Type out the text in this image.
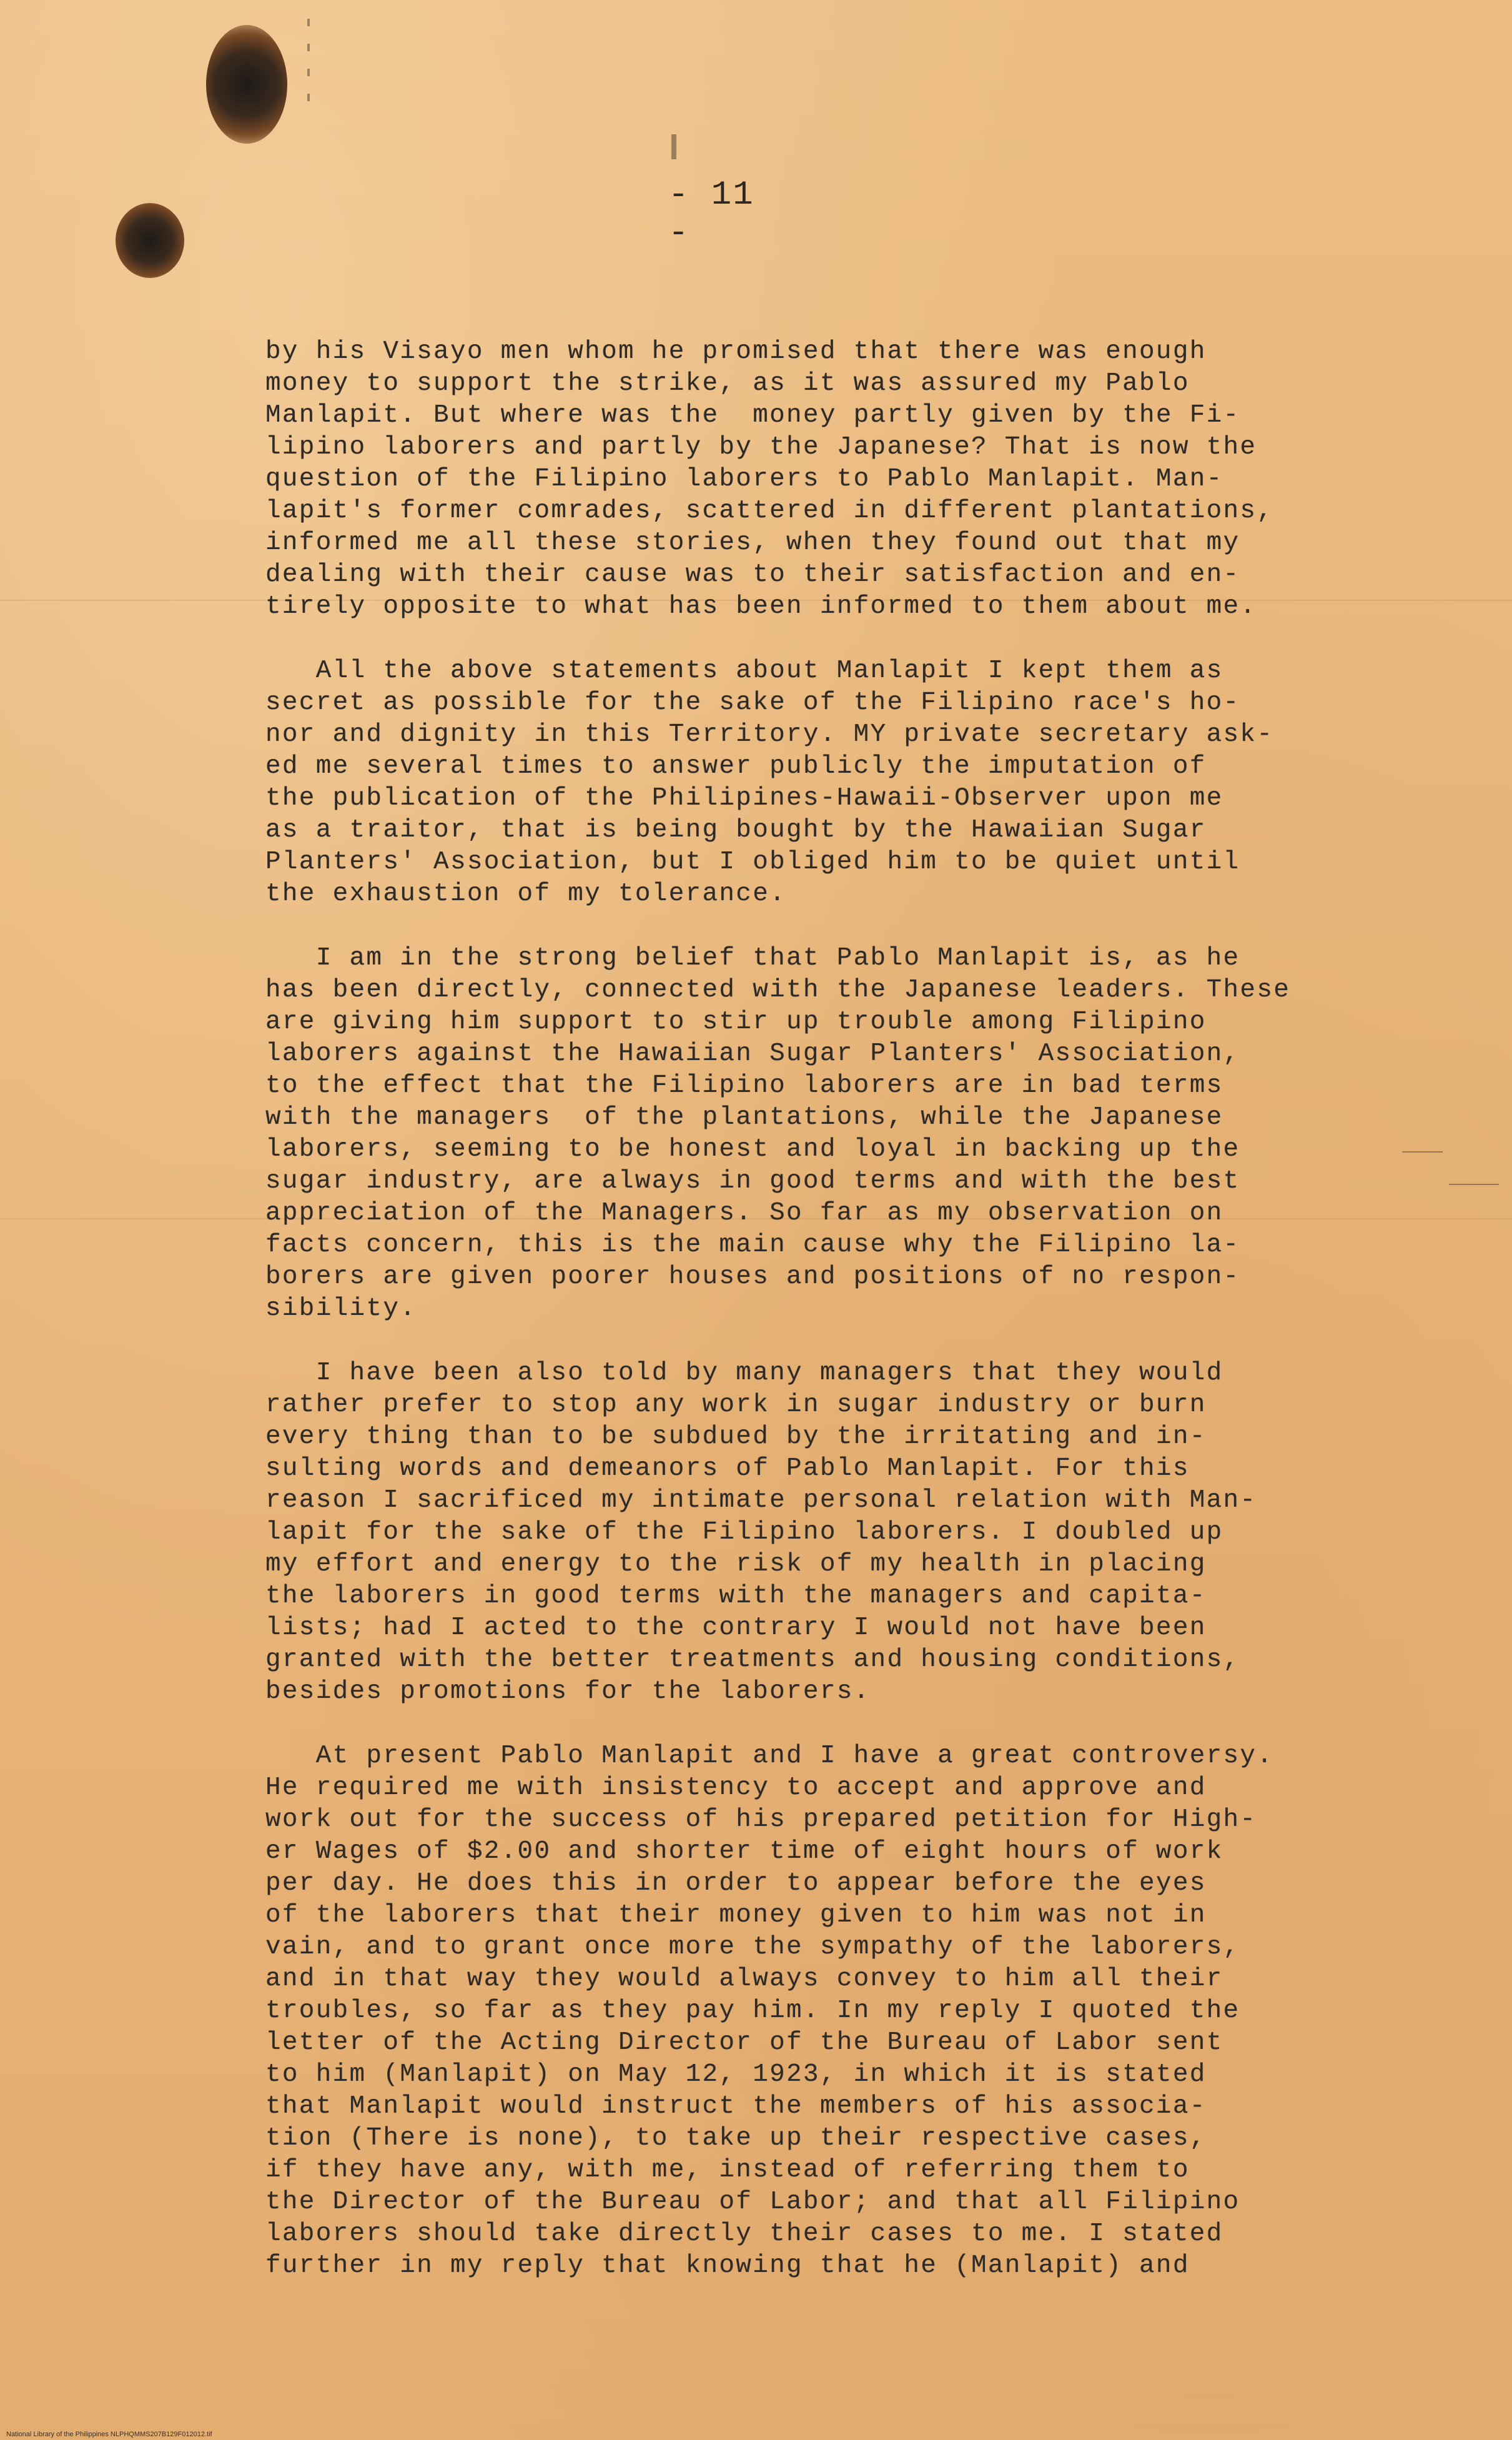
- 11 -
by his Visayo men whom he promised that there was enough
money to support the strike, as it was assured my Pablo
Manlapit. But where was the  money partly given by the Fi-
lipino laborers and partly by the Japanese? That is now the
question of the Filipino laborers to Pablo Manlapit. Man-
lapit's former comrades, scattered in different plantations,
informed me all these stories, when they found out that my
dealing with their cause was to their satisfaction and en-
tirely opposite to what has been informed to them about me.
All the above statements about Manlapit I kept them as
secret as possible for the sake of the Filipino race's ho-
nor and dignity in this Territory. MY private secretary ask-
ed me several times to answer publicly the imputation of
the publication of the Philipines-Hawaii-Observer upon me
as a traitor, that is being bought by the Hawaiian Sugar
Planters' Association, but I obliged him to be quiet until
the exhaustion of my tolerance.
I am in the strong belief that Pablo Manlapit is, as he
has been directly, connected with the Japanese leaders. These
are giving him support to stir up trouble among Filipino
laborers against the Hawaiian Sugar Planters' Association,
to the effect that the Filipino laborers are in bad terms
with the managers  of the plantations, while the Japanese
laborers, seeming to be honest and loyal in backing up the
sugar industry, are always in good terms and with the best
appreciation of the Managers. So far as my observation on
facts concern, this is the main cause why the Filipino la-
borers are given poorer houses and positions of no respon-
sibility.
I have been also told by many managers that they would
rather prefer to stop any work in sugar industry or burn
every thing than to be subdued by the irritating and in-
sulting words and demeanors of Pablo Manlapit. For this
reason I sacrificed my intimate personal relation with Man-
lapit for the sake of the Filipino laborers. I doubled up
my effort and energy to the risk of my health in placing
the laborers in good terms with the managers and capita-
lists; had I acted to the contrary I would not have been
granted with the better treatments and housing conditions,
besides promotions for the laborers.
At present Pablo Manlapit and I have a great controversy.
He required me with insistency to accept and approve and
work out for the success of his prepared petition for High-
er Wages of $2.00 and shorter time of eight hours of work
per day. He does this in order to appear before the eyes
of the laborers that their money given to him was not in
vain, and to grant once more the sympathy of the laborers,
and in that way they would always convey to him all their
troubles, so far as they pay him. In my reply I quoted the
letter of the Acting Director of the Bureau of Labor sent
to him (Manlapit) on May 12, 1923, in which it is stated
that Manlapit would instruct the members of his associa-
tion (There is none), to take up their respective cases,
if they have any, with me, instead of referring them to
the Director of the Bureau of Labor; and that all Filipino
laborers should take directly their cases to me. I stated
further in my reply that knowing that he (Manlapit) and
National Library of the Philippines NLPHQMMS207B129F012012.tif
